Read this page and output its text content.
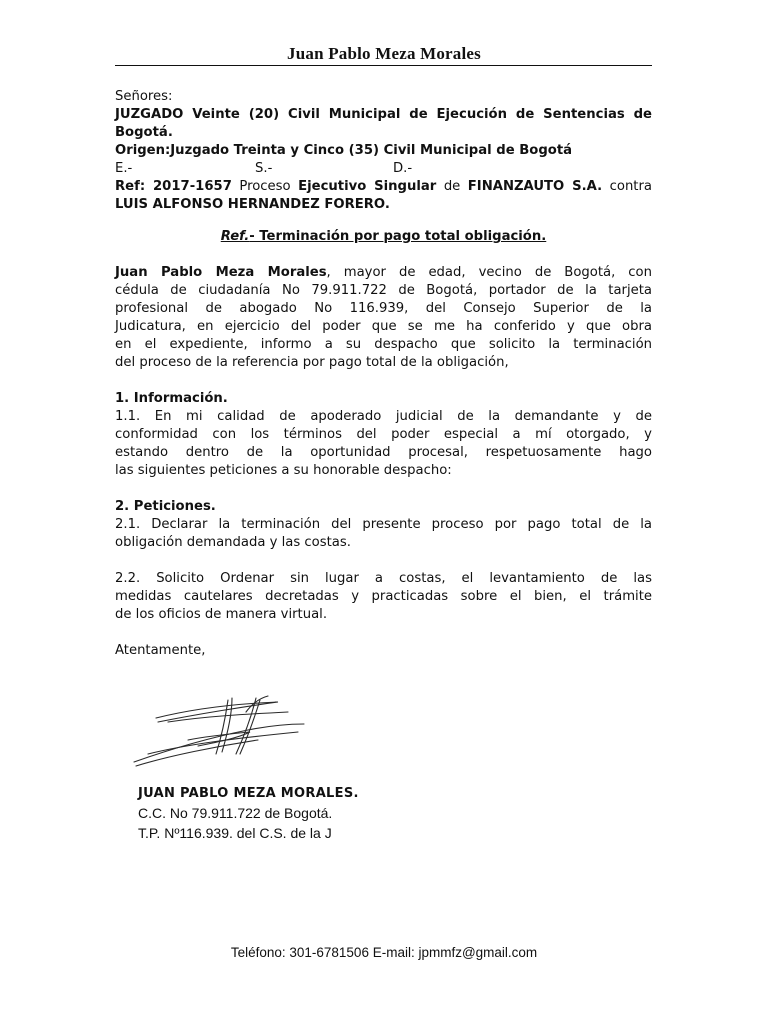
Juan Pablo Meza Morales

Señores:

JUZGADO Veinte (20) Civil Municipal de Ejecución de Sentencias de

Bogotá.

Origen:Juzgado Treinta y Cinco (35) Civil Municipal de Bogotá

E.-	S.-	D.-

Ref: 2017-1657 Proceso Ejecutivo Singular de FINANZAUTO S.A. contra

LUIS ALFONSO HERNANDEZ FORERO.

Ref.- Terminación por pago total obligación.

Juan Pablo Meza Morales, mayor de edad, vecino de Bogotá, con

cédula de ciudadanía No 79.911.722 de Bogotá, portador de la tarjeta

profesional de abogado No 116.939, del Consejo Superior de la

Judicatura, en ejercicio del poder que se me ha conferido y que obra

en el expediente, informo a su despacho que solicito la terminación

del proceso de la referencia por pago total de la obligación,

1. Información.

1.1. En mi calidad de apoderado judicial de la demandante y de

conformidad con los términos del poder especial a mí otorgado, y

estando dentro de la oportunidad procesal, respetuosamente hago

las siguientes peticiones a su honorable despacho:

2. Peticiones.

2.1. Declarar la terminación del presente proceso por pago total de la

obligación demandada y las costas.

2.2. Solicito Ordenar sin lugar a costas, el levantamiento de las

medidas cautelares decretadas y practicadas sobre el bien, el trámite

de los oficios de manera virtual.

Atentamente,

JUAN PABLO MEZA MORALES.
C.C. No 79.911.722 de Bogotá.
T.P. Nº116.939. del C.S. de la J
Teléfono: 301-6781506 E-mail: jpmmfz@gmail.com
